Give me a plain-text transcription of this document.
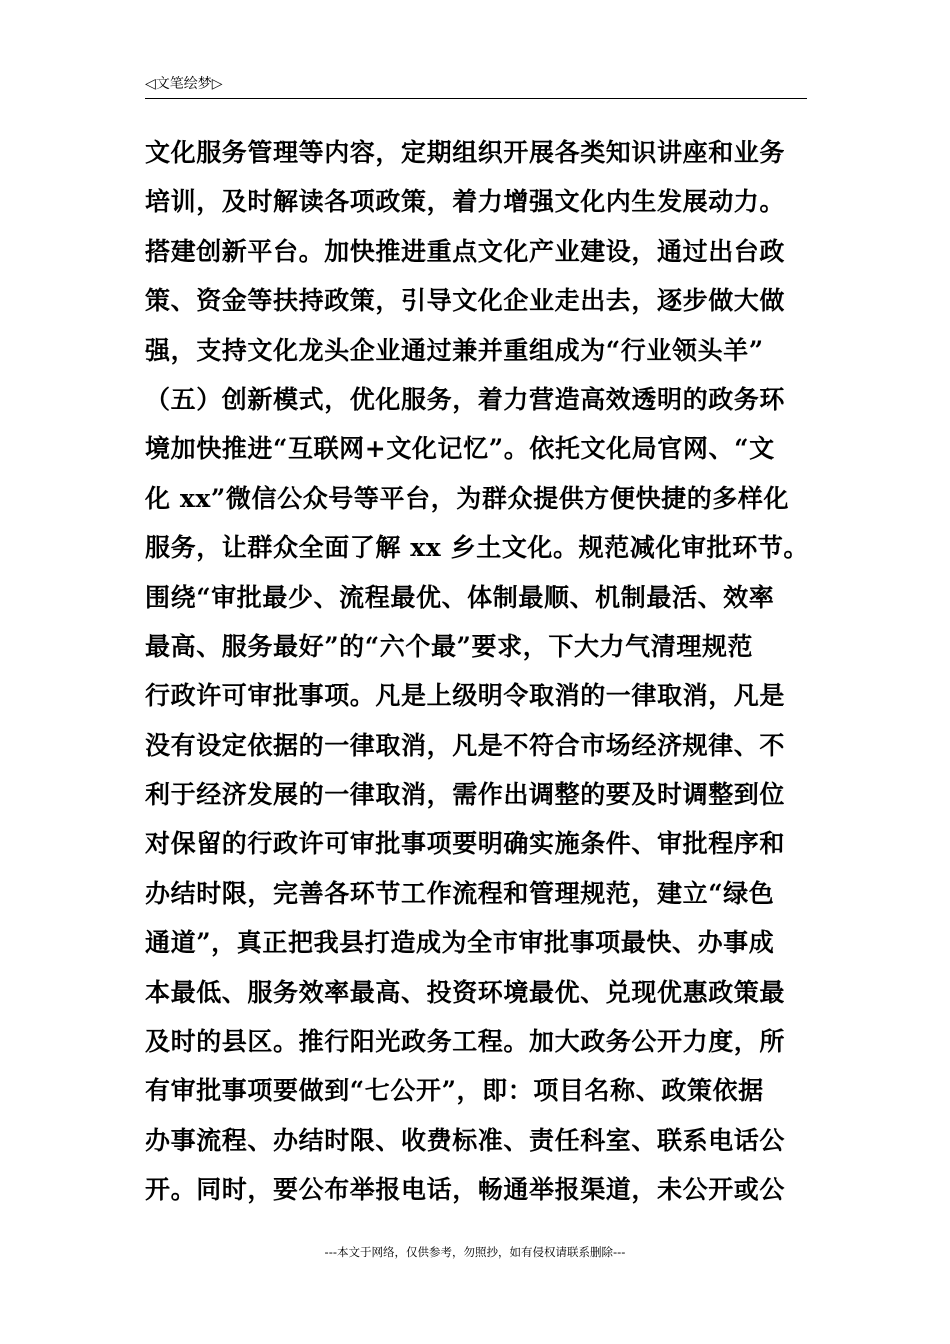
◁文笔绘梦▷
文化服务管理等内容，定期组织开展各类知识讲座和业务
培训，及时解读各项政策，着力增强文化内生发展动力。
搭建创新平台。加快推进重点文化产业建设，通过出台政
策、资金等扶持政策，引导文化企业走出去，逐步做大做
强，支持文化龙头企业通过兼并重组成为“行业领头羊”
（五）创新模式，优化服务，着力营造高效透明的政务环
境加快推进“互联网+文化记忆”。依托文化局官网、“文
化 xx”微信公众号等平台，为群众提供方便快捷的多样化
服务，让群众全面了解 xx 乡土文化。规范减化审批环节。
围绕“审批最少、流程最优、体制最顺、机制最活、效率
最高、服务最好”的“六个最”要求，下大力气清理规范
行政许可审批事项。凡是上级明令取消的一律取消，凡是
没有设定依据的一律取消，凡是不符合市场经济规律、不
利于经济发展的一律取消，需作出调整的要及时调整到位
对保留的行政许可审批事项要明确实施条件、审批程序和
办结时限，完善各环节工作流程和管理规范，建立“绿色
通道”，真正把我县打造成为全市审批事项最快、办事成
本最低、服务效率最高、投资环境最优、兑现优惠政策最
及时的县区。推行阳光政务工程。加大政务公开力度，所
有审批事项要做到“七公开”，即：项目名称、政策依据
办事流程、办结时限、收费标准、责任科室、联系电话公
开。同时，要公布举报电话，畅通举报渠道，未公开或公
---本文于网络，仅供参考，勿照抄，如有侵权请联系删除---
